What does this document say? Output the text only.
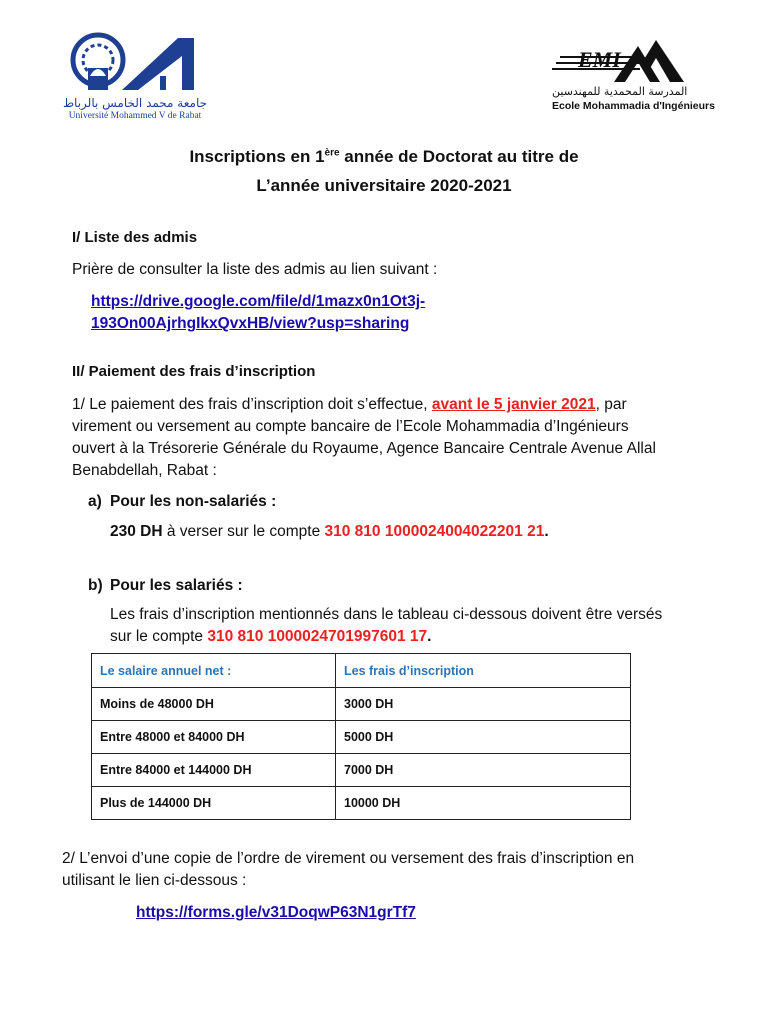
جامعة محمد الخامس بالرباط
Université Mohammed V de Rabat
EMI
المدرسة المحمدية للمهندسين
Ecole Mohammadia d'Ingénieurs
Inscriptions en 1ère année de Doctorat au titre de
L’année universitaire 2020-2021
I/ Liste des admis
Prière de consulter la liste des admis au lien suivant :
https://drive.google.com/file/d/1mazx0n1Ot3j-
193On00AjrhgIkxQvxHB/view?usp=sharing
II/ Paiement des frais d’inscription
1/ Le paiement des frais d’inscription doit s’effectue, avant le 5 janvier 2021, par
virement ou versement au compte bancaire de l’Ecole Mohammadia d’Ingénieurs
ouvert à la Trésorerie Générale du Royaume, Agence Bancaire Centrale Avenue Allal
Benabdellah, Rabat :
a) Pour les non-salariés :
230 DH à verser sur le compte 310 810 1000024004022201 21.
b) Pour les salariés :
Les frais d’inscription mentionnés dans le tableau ci-dessous doivent être versés
sur le compte 310 810 1000024701997601 17.
Le salaire annuel net :	Les frais d’inscription
Moins de 48000 DH	3000 DH
Entre 48000 et 84000 DH	5000 DH
Entre 84000 et 144000 DH	7000 DH
Plus de 144000 DH	10000 DH
2/ L’envoi d’une copie de l’ordre de virement ou versement des frais d’inscription en
utilisant le lien ci-dessous :
https://forms.gle/v31DoqwP63N1grTf7
